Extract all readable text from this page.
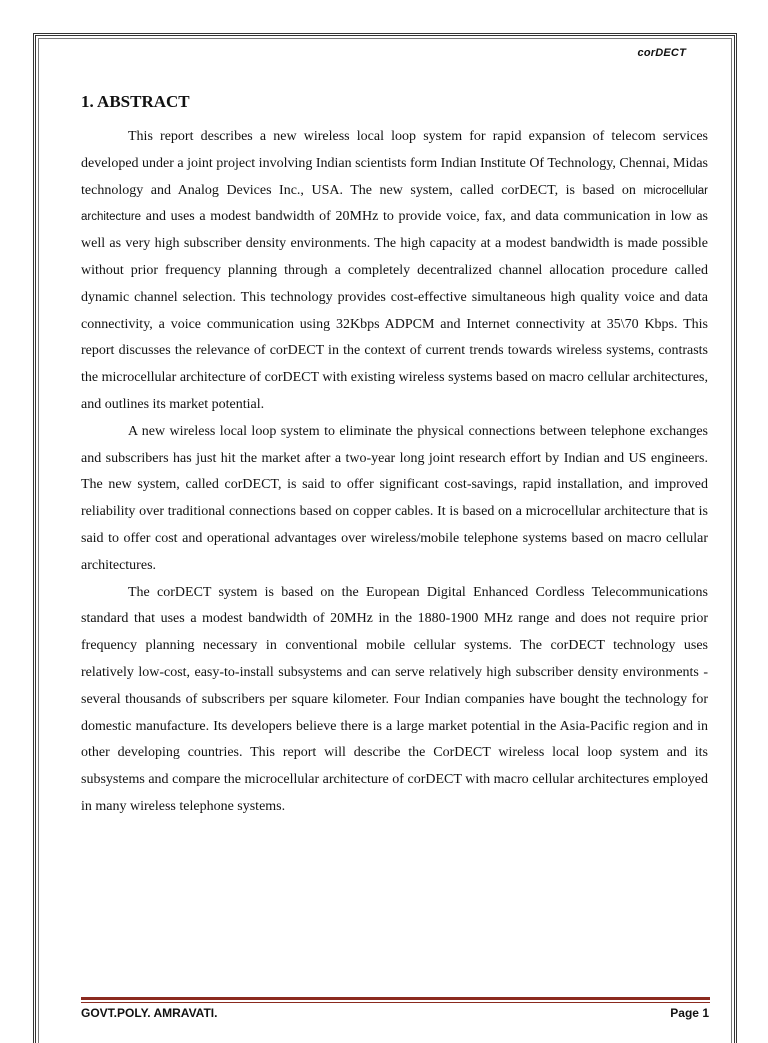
corDECT
1. ABSTRACT

This report describes a new wireless local loop system for rapid expansion of telecom services developed under a joint project involving Indian scientists form Indian Institute Of Technology, Chennai, Midas technology and Analog Devices Inc., USA. The new system, called corDECT, is based on microcellular architecture and uses a modest bandwidth of 20MHz to provide voice, fax, and data communication in low as well as very high subscriber density environments. The high capacity at a modest bandwidth is made possible without prior frequency planning through a completely decentralized channel allocation procedure called dynamic channel selection. This technology provides cost-effective simultaneous high quality voice and data connectivity, a voice communication using 32Kbps ADPCM and Internet connectivity at 35\70 Kbps. This report discusses the relevance of corDECT in the context of current trends towards wireless systems, contrasts the microcellular architecture of corDECT with existing wireless systems based on macro cellular architectures, and outlines its market potential.

A new wireless local loop system to eliminate the physical connections between telephone exchanges and subscribers has just hit the market after a two-year long joint research effort by Indian and US engineers. The new system, called corDECT, is said to offer significant cost-savings, rapid installation, and improved reliability over traditional connections based on copper cables. It is based on a microcellular architecture that is said to offer cost and operational advantages over wireless/mobile telephone systems based on macro cellular architectures.

The corDECT system is based on the European Digital Enhanced Cordless Telecommunications standard that uses a modest bandwidth of 20MHz in the 1880-1900 MHz range and does not require prior frequency planning necessary in conventional mobile cellular systems. The corDECT technology uses relatively low-cost, easy-to-install subsystems and can serve relatively high subscriber density environments -several thousands of subscribers per square kilometer. Four Indian companies have bought the technology for domestic manufacture. Its developers believe there is a large market potential in the Asia-Pacific region and in other developing countries. This report will describe the CorDECT wireless local loop system and its subsystems and compare the microcellular architecture of corDECT with macro cellular architectures employed in many wireless telephone systems.

GOVT.POLY. AMRAVATI.	Page 1
